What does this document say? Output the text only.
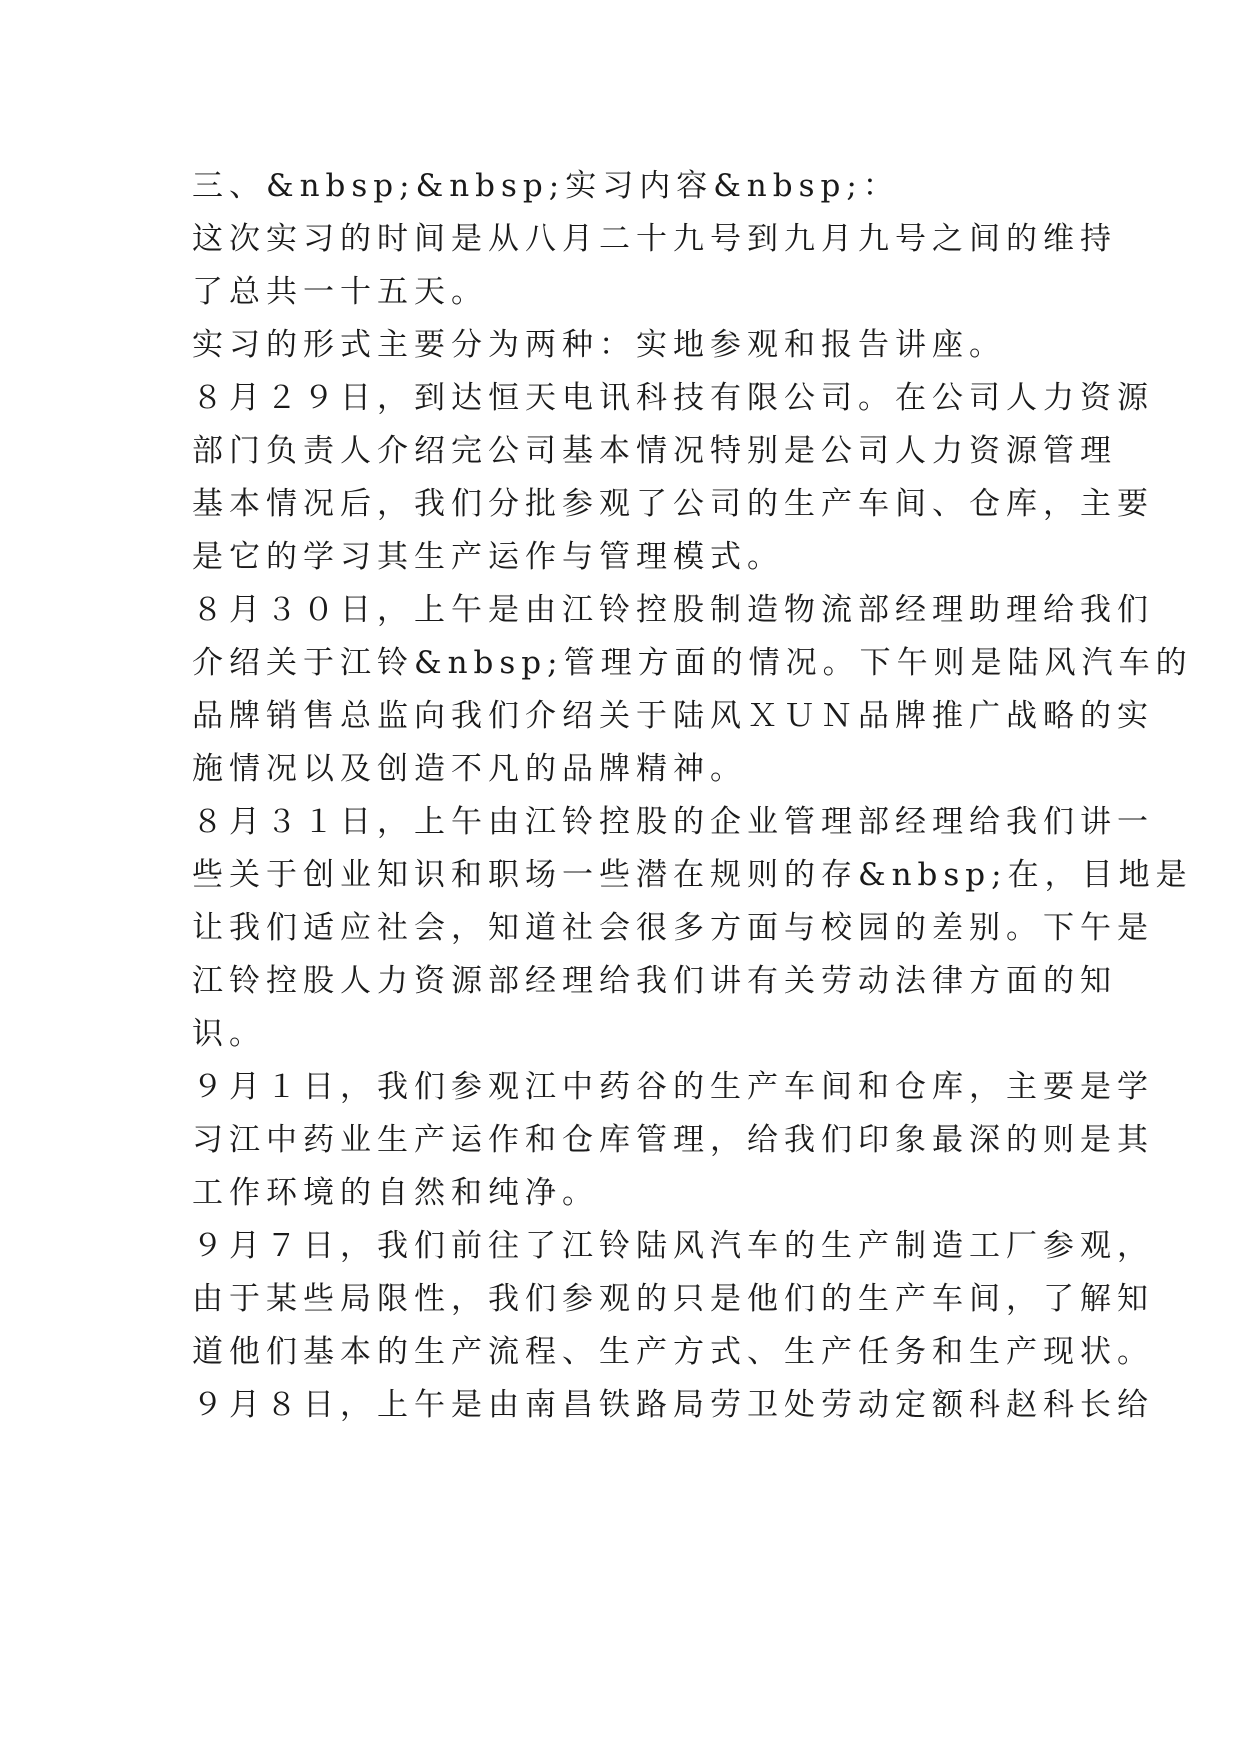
三、&nbsp;&nbsp;实习内容&nbsp;：

这次实习的时间是从八月二十九号到九月九号之间的维持

了总共一十五天。

实习的形式主要分为两种：实地参观和报告讲座。

８月２９日，到达恒天电讯科技有限公司。在公司人力资源

部门负责人介绍完公司基本情况特别是公司人力资源管理

基本情况后，我们分批参观了公司的生产车间、仓库，主要

是它的学习其生产运作与管理模式。

８月３０日，上午是由江铃控股制造物流部经理助理给我们

介绍关于江铃&nbsp;管理方面的情况。下午则是陆风汽车的

品牌销售总监向我们介绍关于陆风ＸＵＮ品牌推广战略的实

施情况以及创造不凡的品牌精神。

８月３１日，上午由江铃控股的企业管理部经理给我们讲一

些关于创业知识和职场一些潜在规则的存&nbsp;在，目地是

让我们适应社会，知道社会很多方面与校园的差别。下午是

江铃控股人力资源部经理给我们讲有关劳动法律方面的知

识。

９月１日，我们参观江中药谷的生产车间和仓库，主要是学

习江中药业生产运作和仓库管理，给我们印象最深的则是其

工作环境的自然和纯净。

９月７日，我们前往了江铃陆风汽车的生产制造工厂参观，

由于某些局限性，我们参观的只是他们的生产车间，了解知

道他们基本的生产流程、生产方式、生产任务和生产现状。

９月８日，上午是由南昌铁路局劳卫处劳动定额科赵科长给
